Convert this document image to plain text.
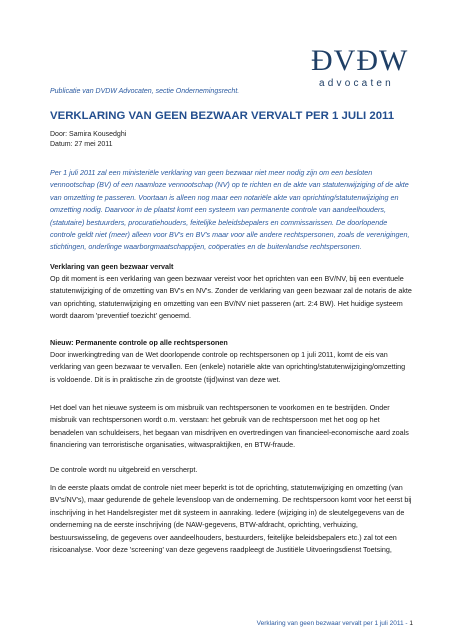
ĐVĐW
advocaten
Publicatie van DVDW Advocaten, sectie Ondernemingsrecht.
VERKLARING VAN GEEN BEZWAAR VERVALT PER 1 JULI 2011
Door: Samira Kousedghi
Datum: 27 mei 2011

Per 1 juli 2011 zal een ministeriële verklaring van geen bezwaar niet meer nodig zijn om een besloten vennootschap (BV) of een naamloze vennootschap (NV) op te richten en de akte van statutenwijziging of de akte van omzetting te passeren. Voortaan is alleen nog maar een notariële akte van oprichting/statutenwijziging en omzetting nodig. Daarvoor in de plaatst komt een systeem van permanente controle van aandeelhouders, (statutaire) bestuurders, procuratiehouders, feitelijke beleidsbepalers en commissarissen. De doorlopende controle geldt niet (meer) alleen voor BV's en BV's maar voor alle andere rechtspersonen, zoals de verenigingen, stichtingen, onderlinge waarborgmaatschappijen, coöperaties en de buitenlandse rechtspersonen.

Verklaring van geen bezwaar vervalt

Op dit moment is een verklaring van geen bezwaar vereist voor het oprichten van een BV/NV, bij een eventuele statutenwijziging of de omzetting van BV's en NV's. Zonder de verklaring van geen bezwaar zal de notaris de akte van oprichting, statutenwijziging en omzetting van een BV/NV niet passeren (art. 2:4 BW). Het huidige systeem wordt daarom 'preventief toezicht' genoemd.

Nieuw: Permanente controle op alle rechtspersonen

Door inwerkingtreding van de Wet doorlopende controle op rechtspersonen op 1 juli 2011, komt de eis van verklaring van geen bezwaar te vervallen. Een (enkele) notariële akte van oprichting/statutenwijziging/omzetting is voldoende. Dit is in praktische zin de grootste (tijd)winst van deze wet.

Het doel van het nieuwe systeem is om misbruik van rechtspersonen te voorkomen en te bestrijden. Onder misbruik van rechtspersonen wordt o.m. verstaan: het gebruik van de rechtspersoon met het oog op het benadelen van schuldeisers, het begaan van misdrijven en overtredingen van financieel-economische aard zoals financiering van terroristische organisaties, witwaspraktijken, en BTW-fraude.

De controle wordt nu uitgebreid en verscherpt.

In de eerste plaats omdat de controle niet meer beperkt is tot de oprichting, statutenwijziging en omzetting (van BV's/NV's), maar gedurende de gehele levensloop van de onderneming. De rechtspersoon komt voor het eerst bij inschrijving in het Handelsregister met dit systeem in aanraking. Iedere (wijziging in) de sleutelgegevens van de onderneming na de eerste inschrijving (de NAW-gegevens, BTW-afdracht, oprichting, verhuizing, bestuurswisseling, de gegevens over aandeelhouders, bestuurders, feitelijke beleidsbepalers etc.) zal tot een risicoanalyse. Voor deze 'screening' van deze gegevens raadpleegt de Justitiële Uitvoeringsdienst Toetsing,

Verklaring van geen bezwaar vervalt per 1 juli 2011 - 1
